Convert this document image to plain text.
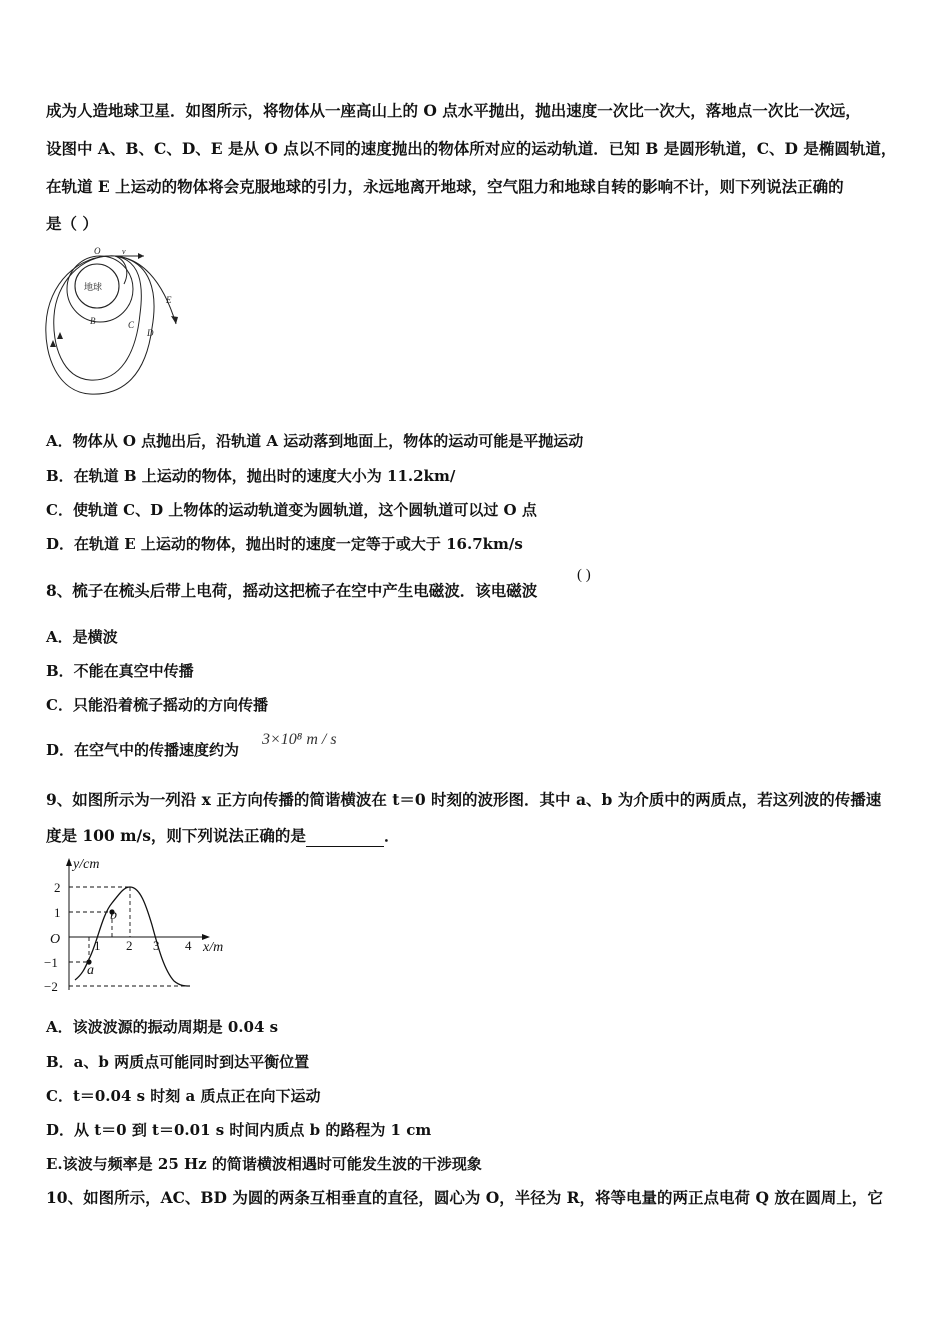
成为人造地球卫星．如图所示，将物体从一座高山上的 O 点水平抛出，抛出速度一次比一次大，落地点一次比一次远，
设图中 A、B、C、D、E 是从 O 点以不同的速度抛出的物体所对应的运动轨道．已知 B 是圆形轨道，C、D 是椭圆轨道，
在轨道 E 上运动的物体将会克服地球的引力，永远地离开地球，空气阻力和地球自转的影响不计，则下列说法正确的
是（ ）
地球
O	v
B	C
D
E
A．物体从 O 点抛出后，沿轨道 A 运动落到地面上，物体的运动可能是平抛运动
B．在轨道 B 上运动的物体，抛出时的速度大小为 11.2km/
C．使轨道 C、D 上物体的运动轨道变为圆轨道，这个圆轨道可以过 O 点
D．在轨道 E 上运动的物体，抛出时的速度一定等于或大于 16.7km/s
8、梳子在梳头后带上电荷，摇动这把梳子在空中产生电磁波．该电磁波
( )
A．是横波
B．不能在真空中传播
C．只能沿着梳子摇动的方向传播
D．在空气中的传播速度约为
3×10⁸ m / s
9、如图所示为一列沿 x 正方向传播的简谐横波在 t＝0 时刻的波形图．其中 a、b 为介质中的两质点，若这列波的传播速
度是 100 m/s，则下列说法正确的是	．
y/cm
x/m
O
2
1
−1
−2
1 2 3 4
a
b
A．该波波源的振动周期是 0.04 s
B．a、b 两质点可能同时到达平衡位置
C．t＝0.04 s 时刻 a 质点正在向下运动
D．从 t＝0 到 t＝0.01 s 时间内质点 b 的路程为 1 cm
E.该波与频率是 25 Hz 的简谐横波相遇时可能发生波的干涉现象
10、如图所示，AC、BD 为圆的两条互相垂直的直径，圆心为 O，半径为 R，将等电量的两正点电荷 Q 放在圆周上，它
